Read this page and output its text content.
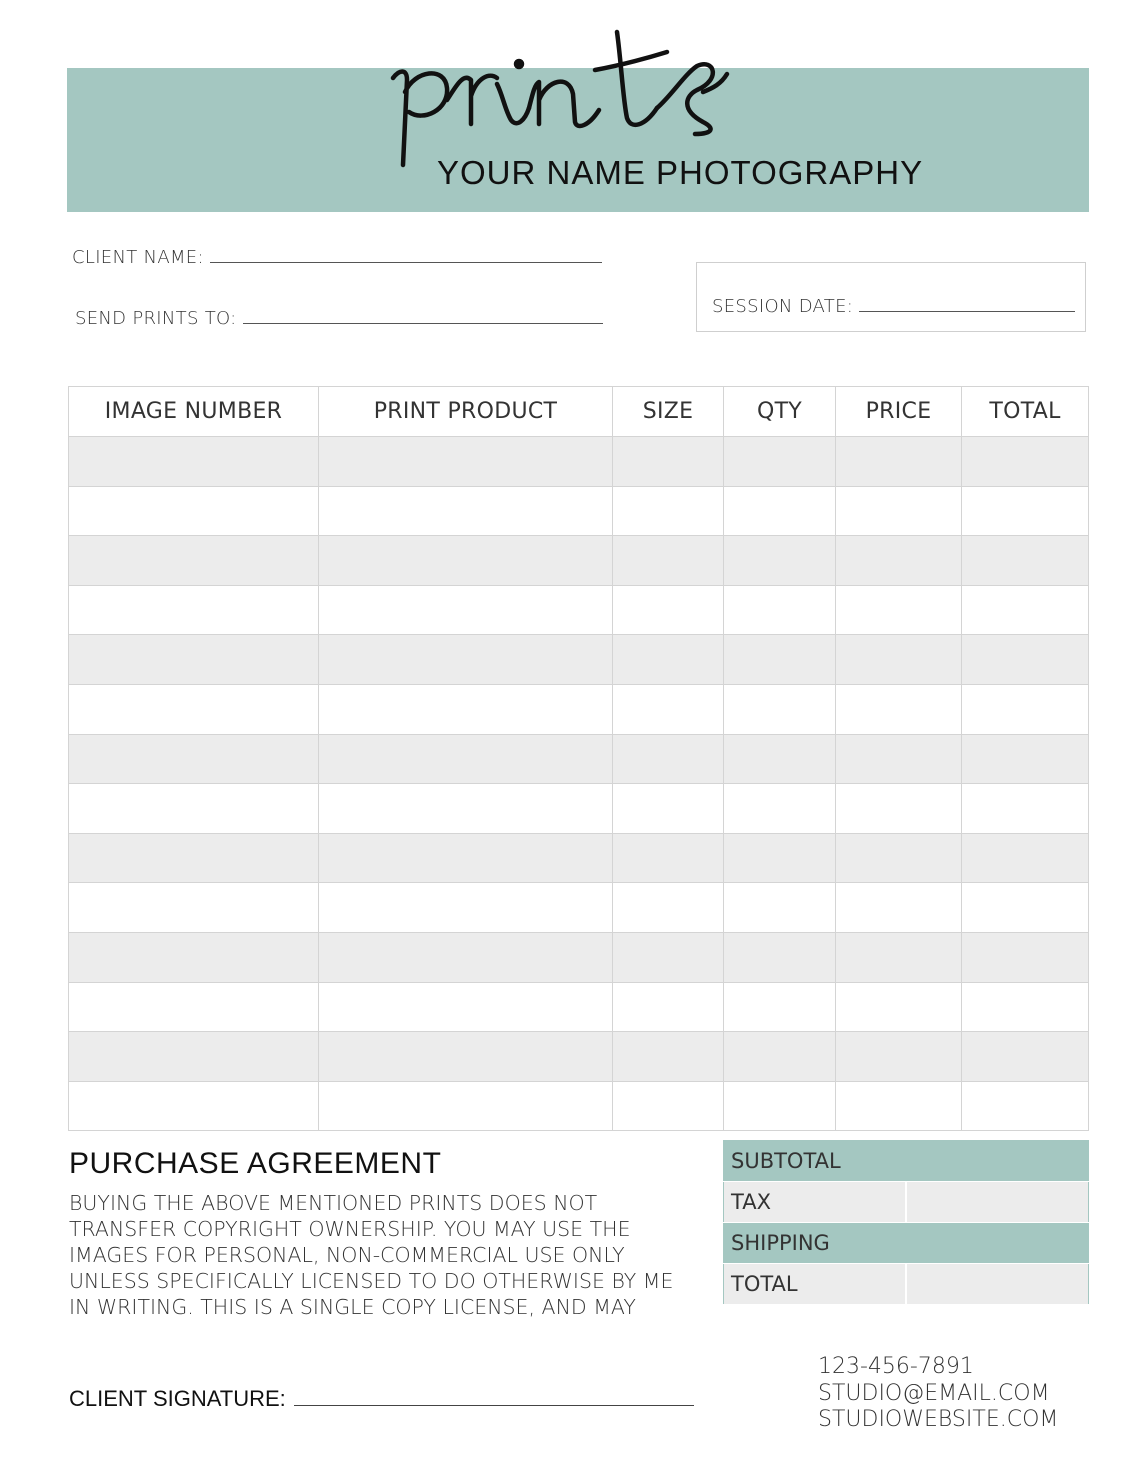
YOUR NAME PHOTOGRAPHY
CLIENT NAME:
SEND PRINTS TO:
SESSION DATE:
IMAGE NUMBER	PRINT PRODUCT	SIZE	QTY	PRICE	TOTAL

PURCHASE AGREEMENT
BUYING THE ABOVE MENTIONED PRINTS DOES NOT TRANSFER COPYRIGHT OWNERSHIP. YOU MAY USE THE IMAGES FOR PERSONAL, NON-COMMERCIAL USE ONLY UNLESS SPECIFICALLY LICENSED TO DO OTHERWISE BY ME IN WRITING. THIS IS A SINGLE COPY LICENSE, AND MAY
SUBTOTAL	
TAX	
SHIPPING	
TOTAL	
CLIENT SIGNATURE:
123-456-7891
STUDIO@EMAIL.COM
STUDIOWEBSITE.COM
